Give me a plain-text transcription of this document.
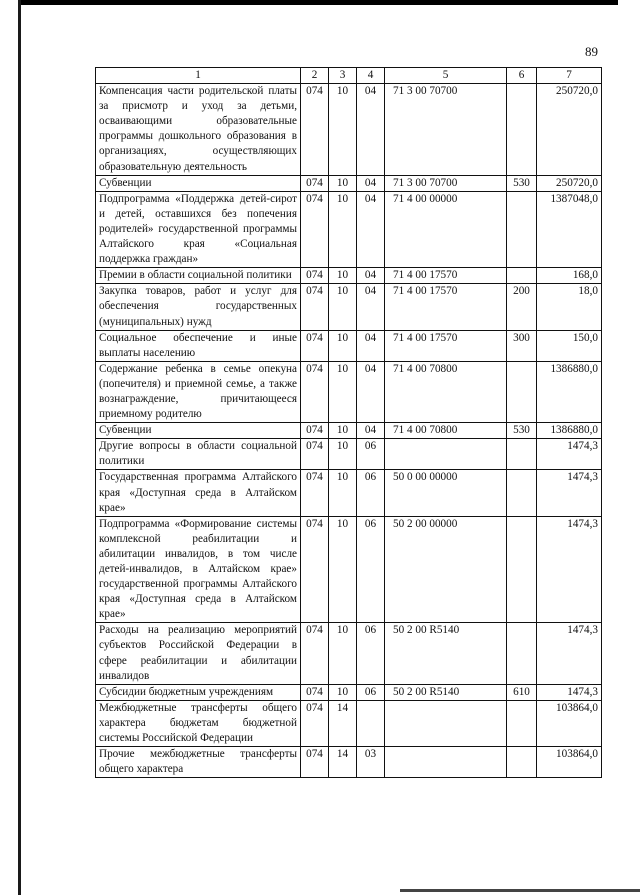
89
1	2	3	4	5	6	7
Компенсация части родительской платы за присмотр и уход за детьми, осваивающими образовательные программы дошкольного образования в организациях, осуществляющих образовательную деятельность	074	10	04	71 3 00 70700		250720,0
Субвенции	074	10	04	71 3 00 70700	530	250720,0
Подпрограмма «Поддержка детей-сирот и детей, оставшихся без попечения родителей» государственной программы Алтайского края «Социальная поддержка граждан»	074	10	04	71 4 00 00000		1387048,0
Премии в области социальной политики	074	10	04	71 4 00 17570		168,0
Закупка товаров, работ и услуг для обеспечения государственных (муниципальных) нужд	074	10	04	71 4 00 17570	200	18,0
Социальное обеспечение и иные выплаты населению	074	10	04	71 4 00 17570	300	150,0
Содержание ребенка в семье опекуна (попечителя) и приемной семье, а также вознаграждение, причитающееся приемному родителю	074	10	04	71 4 00 70800		1386880,0
Субвенции	074	10	04	71 4 00 70800	530	1386880,0
Другие вопросы в области социальной политики	074	10	06			1474,3
Государственная программа Алтайского края «Доступная среда в Алтайском крае»	074	10	06	50 0 00 00000		1474,3
Подпрограмма «Формирование системы комплексной реабилитации и абилитации инвалидов, в том числе детей-инвалидов, в Алтайском крае» государственной программы Алтайского края «Доступная среда в Алтайском крае»	074	10	06	50 2 00 00000		1474,3
Расходы на реализацию мероприятий субъектов Российской Федерации в сфере реабилитации и абилитации инвалидов	074	10	06	50 2 00 R5140		1474,3
Субсидии бюджетным учреждениям	074	10	06	50 2 00 R5140	610	1474,3
Межбюджетные трансферты общего характера бюджетам бюджетной системы Российской Федерации	074	14				103864,0
Прочие межбюджетные трансферты общего характера	074	14	03			103864,0
